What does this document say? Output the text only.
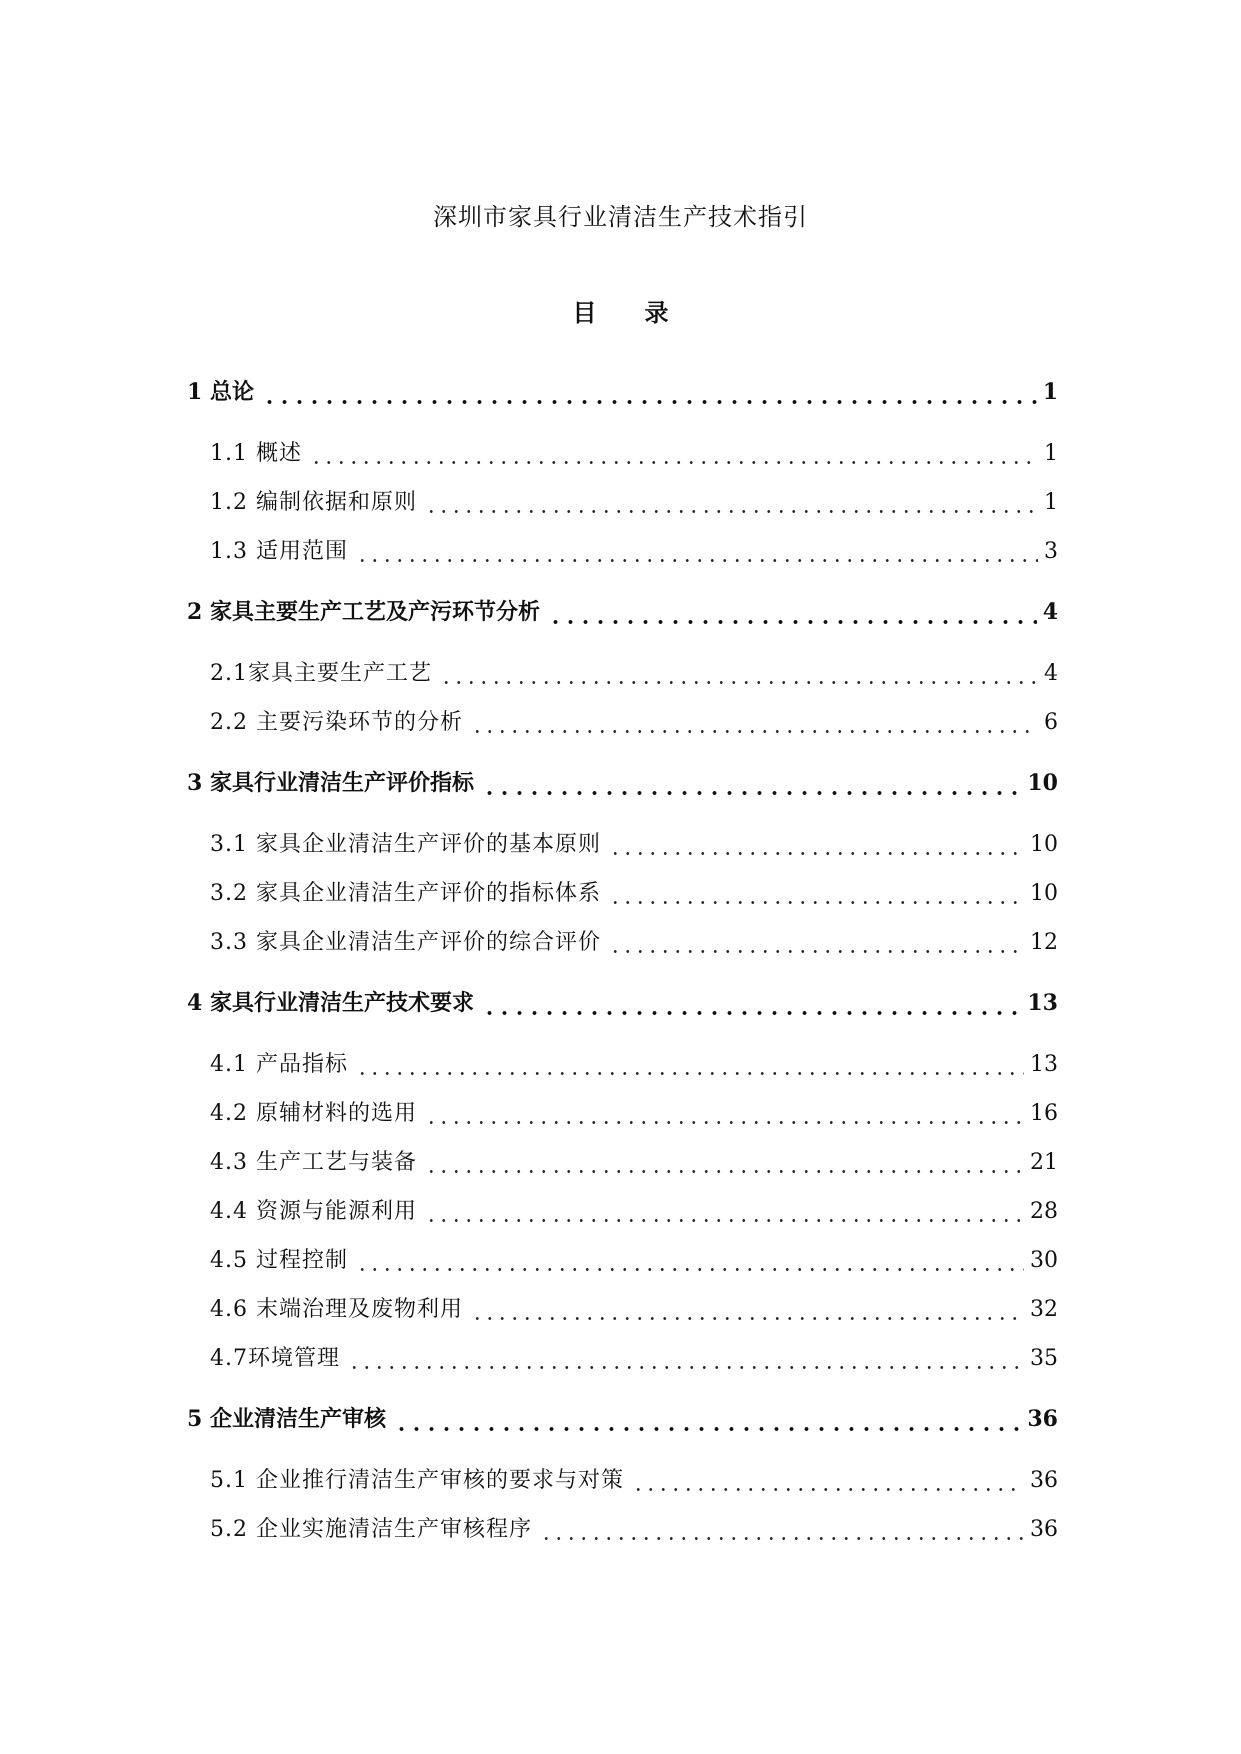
深圳市家具行业清洁生产技术指引
目　　录
1 总论	1
1.1 概述	1
1.2 编制依据和原则	1
1.3 适用范围	3
2 家具主要生产工艺及产污环节分析	4
2.1家具主要生产工艺	4
2.2 主要污染环节的分析	6
3 家具行业清洁生产评价指标	10
3.1 家具企业清洁生产评价的基本原则	10
3.2 家具企业清洁生产评价的指标体系	10
3.3 家具企业清洁生产评价的综合评价	12
4 家具行业清洁生产技术要求	13
4.1 产品指标	13
4.2 原辅材料的选用	16
4.3 生产工艺与装备	21
4.4 资源与能源利用	28
4.5 过程控制	30
4.6 末端治理及废物利用	32
4.7环境管理	35
5 企业清洁生产审核	36
5.1 企业推行清洁生产审核的要求与对策	36
5.2 企业实施清洁生产审核程序	36
